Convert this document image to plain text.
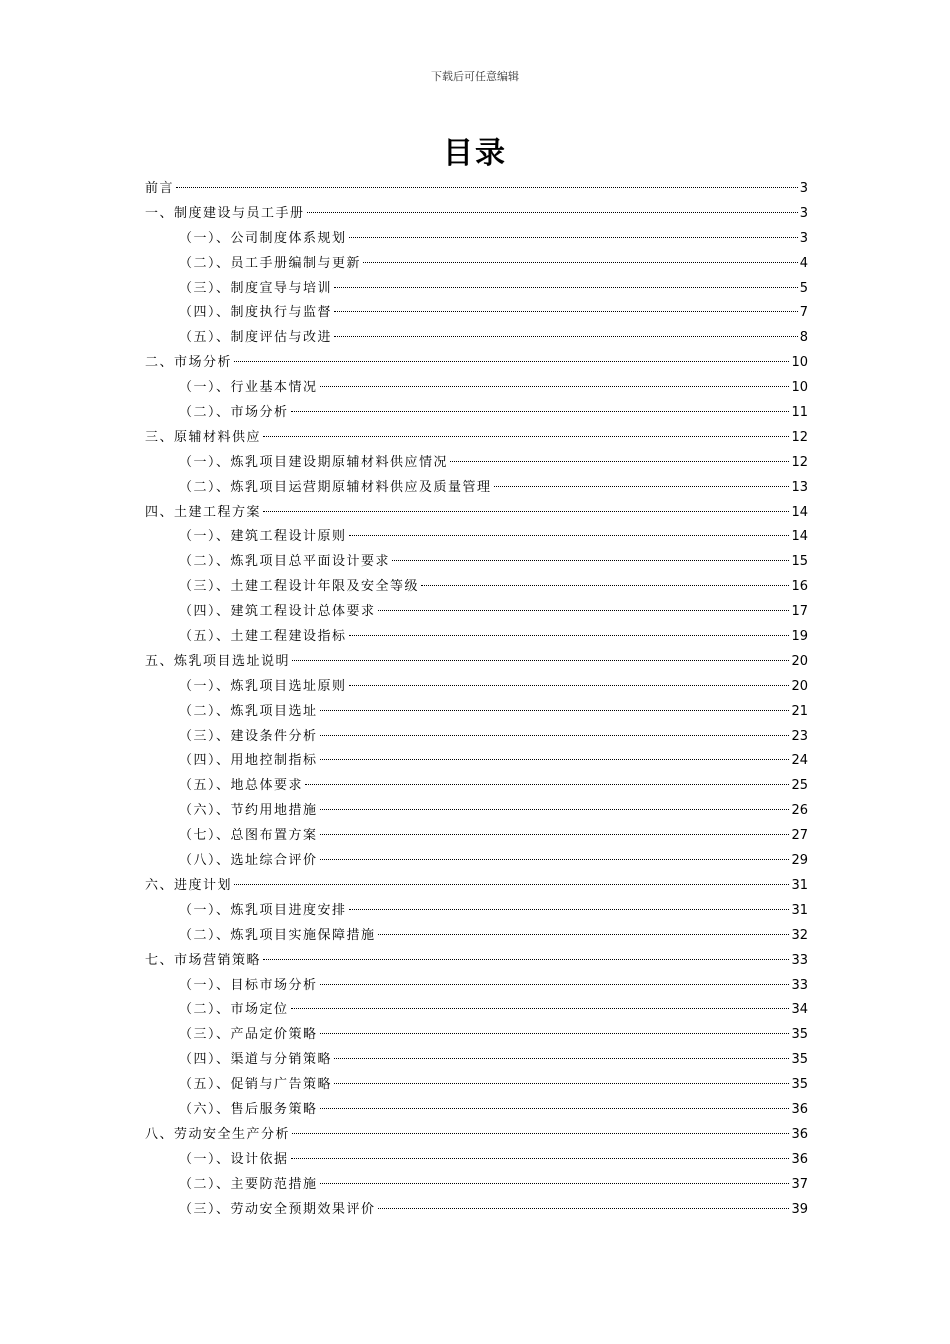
下载后可任意编辑
目录
前言	3
一、制度建设与员工手册	3
（一）、公司制度体系规划	3
（二）、员工手册编制与更新	4
（三）、制度宣导与培训	5
（四）、制度执行与监督	7
（五）、制度评估与改进	8
二、市场分析	10
（一）、行业基本情况	10
（二）、市场分析	11
三、原辅材料供应	12
（一）、炼乳项目建设期原辅材料供应情况	12
（二）、炼乳项目运营期原辅材料供应及质量管理	13
四、土建工程方案	14
（一）、建筑工程设计原则	14
（二）、炼乳项目总平面设计要求	15
（三）、土建工程设计年限及安全等级	16
（四）、建筑工程设计总体要求	17
（五）、土建工程建设指标	19
五、炼乳项目选址说明	20
（一）、炼乳项目选址原则	20
（二）、炼乳项目选址	21
（三）、建设条件分析	23
（四）、用地控制指标	24
（五）、地总体要求	25
（六）、节约用地措施	26
（七）、总图布置方案	27
（八）、选址综合评价	29
六、进度计划	31
（一）、炼乳项目进度安排	31
（二）、炼乳项目实施保障措施	32
七、市场营销策略	33
（一）、目标市场分析	33
（二）、市场定位	34
（三）、产品定价策略	35
（四）、渠道与分销策略	35
（五）、促销与广告策略	35
（六）、售后服务策略	36
八、劳动安全生产分析	36
（一）、设计依据	36
（二）、主要防范措施	37
（三）、劳动安全预期效果评价	39
